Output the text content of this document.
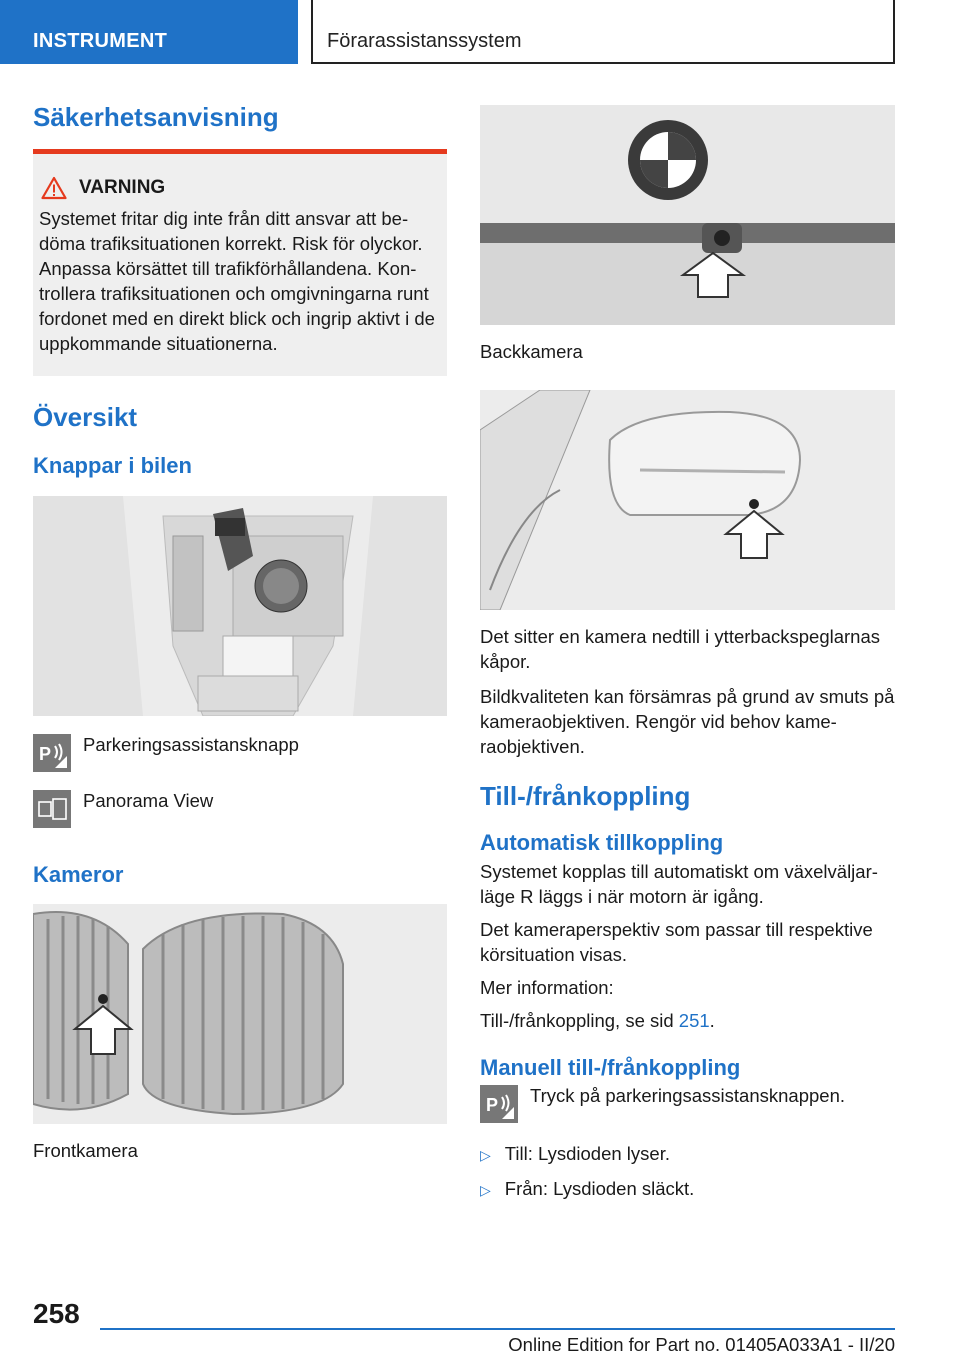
INSTRUMENT	Förarassistanssystem
Säkerhetsanvisning
VARNING

Systemet fritar dig inte från ditt ansvar att be-döma trafiksituationen korrekt. Risk för olyckor. Anpassa körsättet till trafikförhållandena. Kon-trollera trafiksituationen och omgivningarna runt fordonet med en direkt blick och ingrip aktivt i de uppkommande situationerna.

Översikt
Knappar i bilen
P Parkeringsassistansknapp
Panorama View
Kameror
Frontkamera
Backkamera

Det sitter en kamera nedtill i ytterbackspeglarnas kåpor.

Bildkvaliteten kan försämras på grund av smuts på kameraobjektiven. Rengör vid behov kame-raobjektiven.

Till-/frånkoppling
Automatisk tillkoppling

Systemet kopplas till automatiskt om växelväljar-läge R läggs i när motorn är igång.

Det kameraperspektiv som passar till respektive körsituation visas.

Mer information:

Till-/frånkoppling, se sid 251.

Manuell till-/frånkoppling
P Tryck på parkeringsassistansknappen.
▷ Till: Lysdioden lyser.
▷ Från: Lysdioden släckt.
258
Online Edition for Part no. 01405A033A1 - II/20
